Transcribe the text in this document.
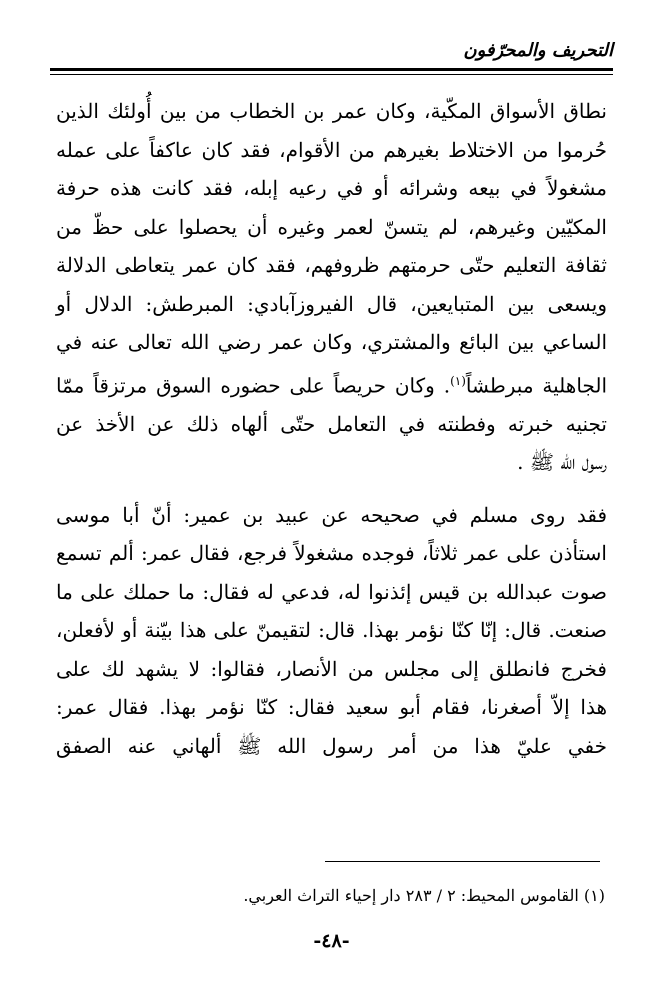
التحريف والمحرّفون
نطاق الأسواق المكّية، وكان عمر بن الخطاب من بين أُولئك الذين
حُرموا من الاختلاط بغيرهم من الأقوام، فقد كان عاكفاً على عمله
مشغولاً في بيعه وشرائه أو في رعيه إبله، فقد كانت هذه حرفة
المكيّين وغيرهم، لم يتسنّ لعمر وغيره أن يحصلوا على حظّ من
ثقافة التعليم حتّى حرمتهم ظروفهم، فقد كان عمر يتعاطى الدلالة
ويسعى بين المتبايعين، قال الفيروزآبادي: المبرطش: الدلال أو
الساعي بين البائع والمشتري، وكان عمر رضي الله تعالى عنه في
الجاهلية مبرطشاً$^{(١)}$. وكان حريصاً على حضوره السوق مرتزقاً ممّا
تجنيه خبرته وفطنته في التعامل حتّى ألهاه ذلك عن الأخذ عن
رسول الله ﷺ .
فقد روى مسلم في صحيحه عن عبيد بن عمير: أنّ أبا موسى
استأذن على عمر ثلاثاً، فوجده مشغولاً فرجع، فقال عمر: ألم تسمع
صوت عبدالله بن قيس إئذنوا له، فدعي له فقال: ما حملك على ما
صنعت. قال: إنّا كنّا نؤمر بهذا. قال: لتقيمنّ على هذا بيّنة أو لأفعلن،
فخرج فانطلق إلى مجلس من الأنصار، فقالوا: لا يشهد لك على
هذا إلاّ أصغرنا، فقام أبو سعيد فقال: كنّا نؤمر بهذا. فقال عمر:
خفي عليّ هذا من أمر رسول الله ﷺ ألهاني عنه الصفق
(١) القاموس المحيط: ٢ / ٢٨٣ دار إحياء التراث العربي.
-٤٨-
